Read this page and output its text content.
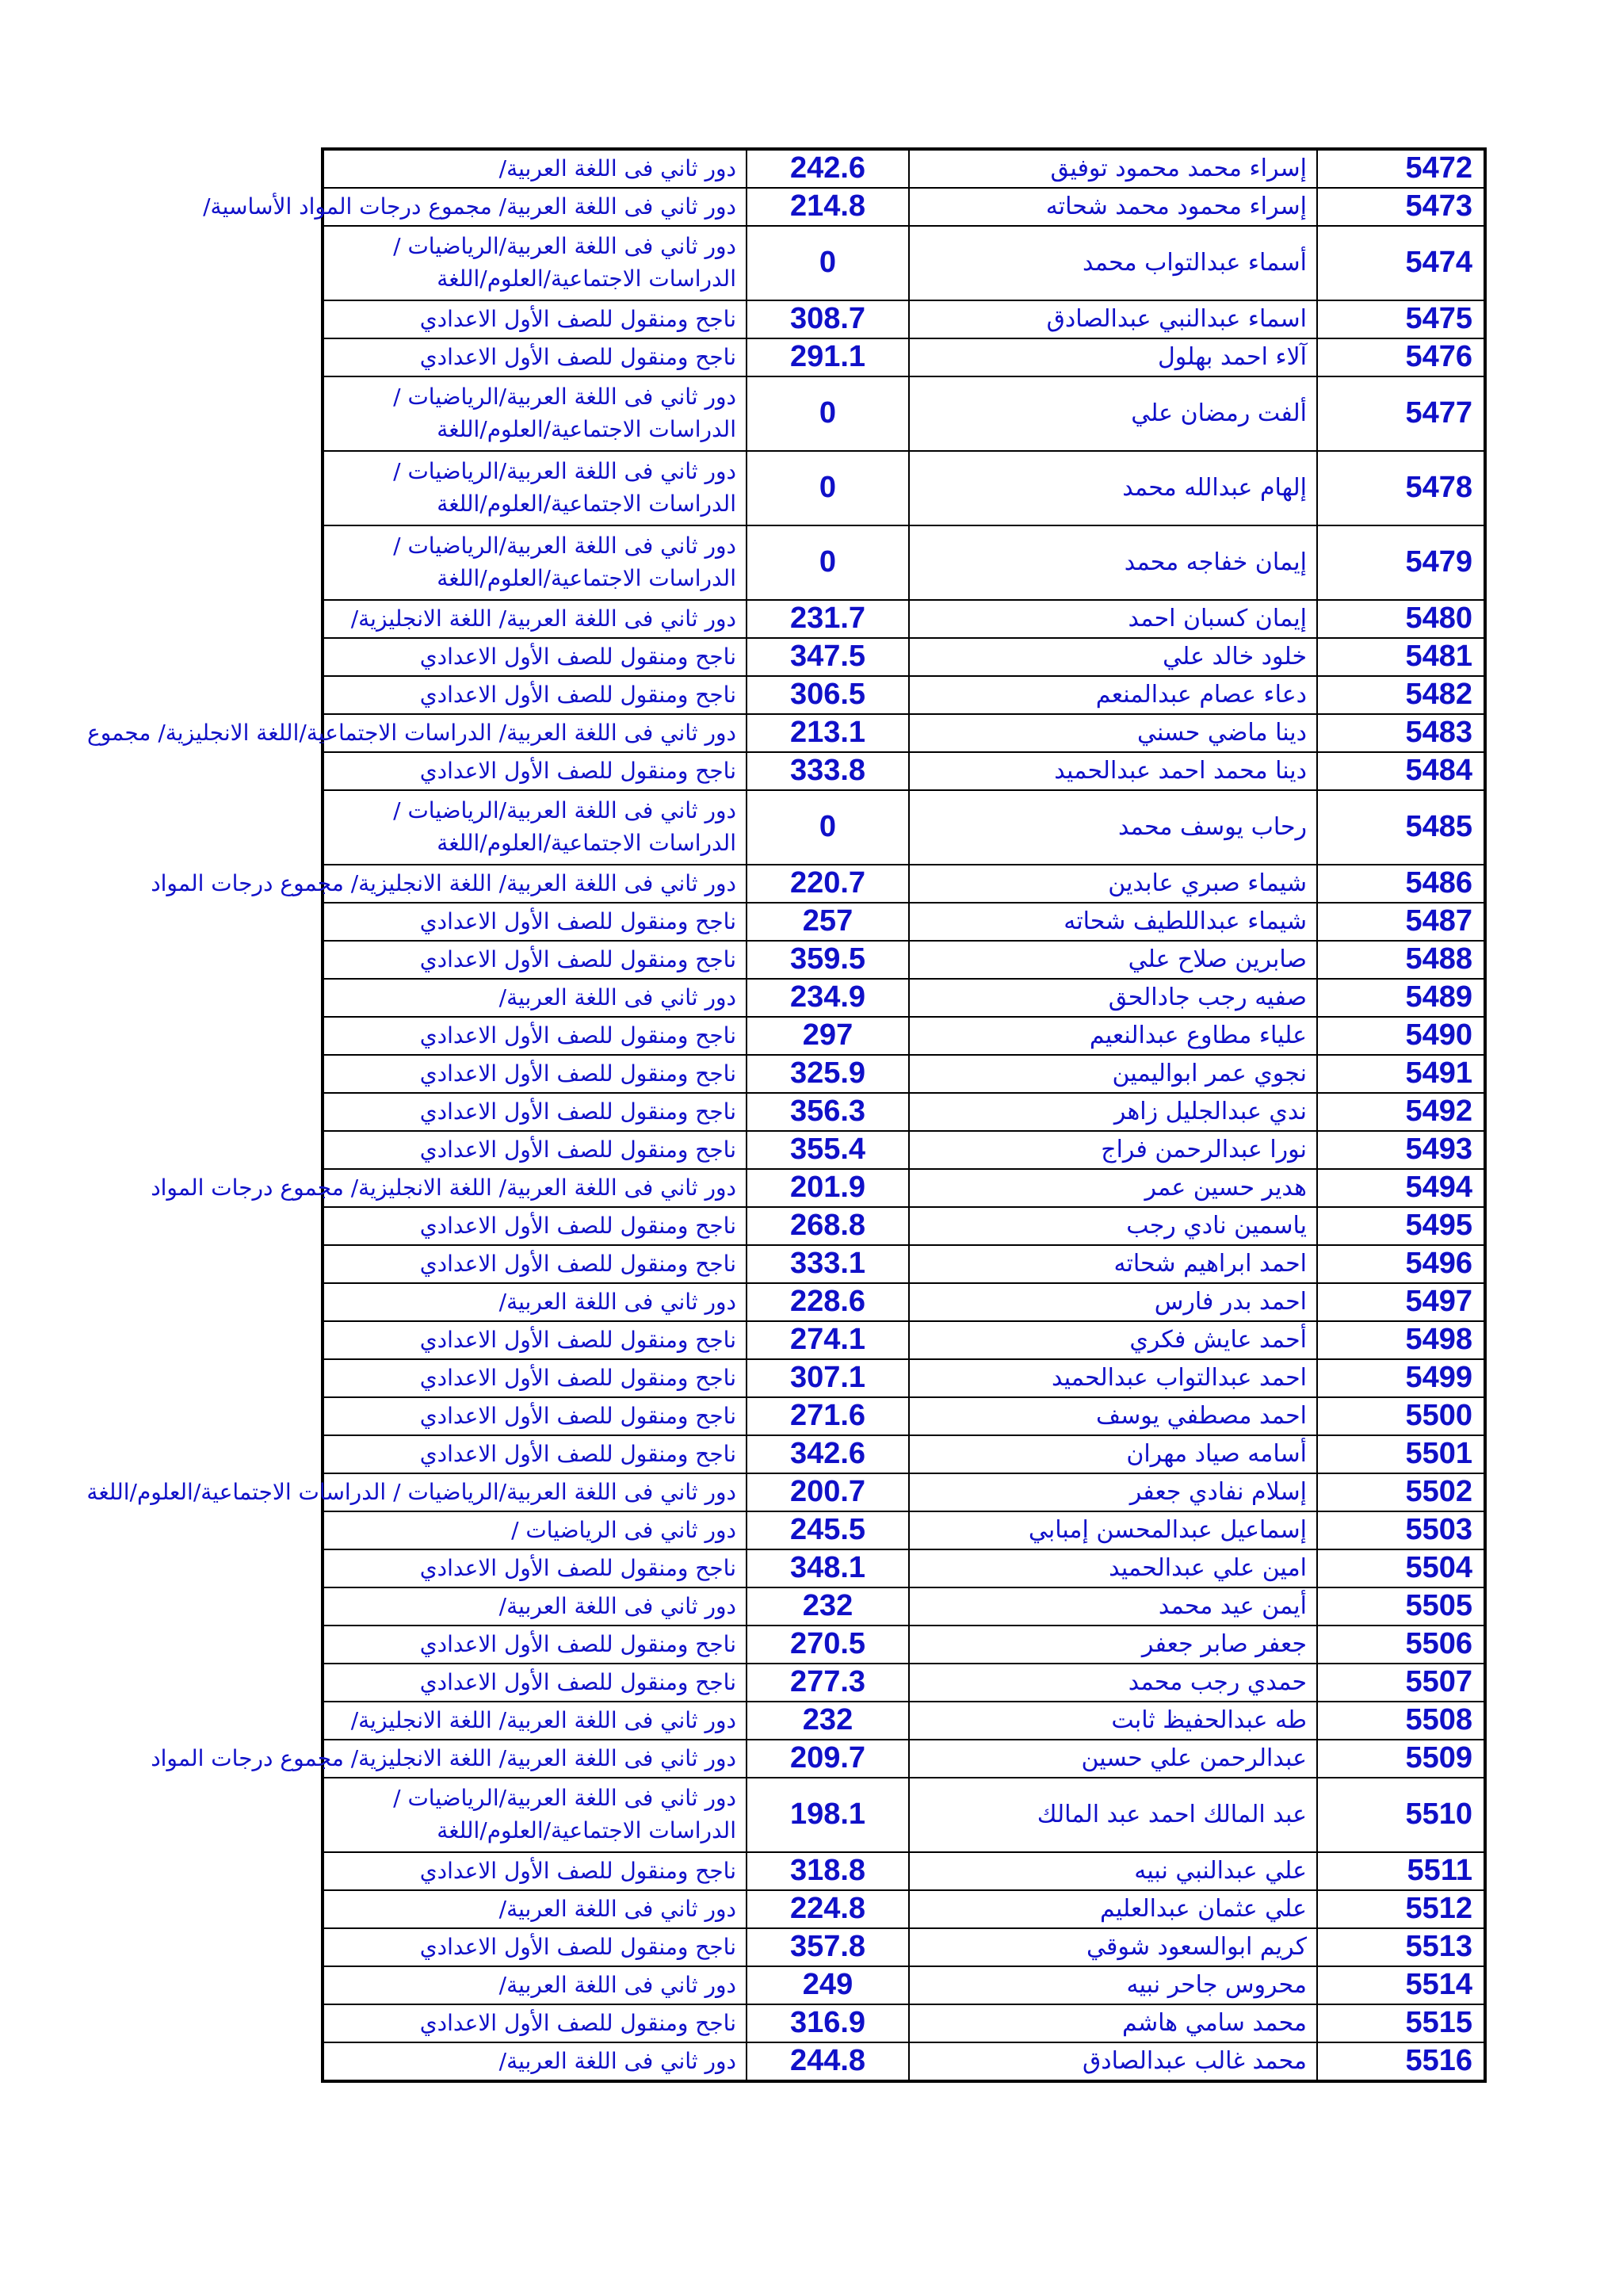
5472	إسراء محمد محمود توفيق	242.6	دور ثاني فى اللغة العربية/
5473	إسراء محمود محمد شحاته	214.8	دور ثاني فى اللغة العربية/ مجموع درجات المواد الأساسية/
5474	أسماء عبدالتواب محمد	0	دور ثاني فى اللغة العربية/الرياضيات / الدراسات الاجتماعية/العلوم/اللغة
5475	اسماء عبدالنبي عبدالصادق	308.7	ناجح ومنقول للصف الأول الاعدادي
5476	آلاء احمد بهلول	291.1	ناجح ومنقول للصف الأول الاعدادي
5477	ألفت رمضان علي	0	دور ثاني فى اللغة العربية/الرياضيات / الدراسات الاجتماعية/العلوم/اللغة
5478	إلهام عبدالله محمد	0	دور ثاني فى اللغة العربية/الرياضيات / الدراسات الاجتماعية/العلوم/اللغة
5479	إيمان خفاجه محمد	0	دور ثاني فى اللغة العربية/الرياضيات / الدراسات الاجتماعية/العلوم/اللغة
5480	إيمان كسبان احمد	231.7	دور ثاني فى اللغة العربية/ اللغة الانجليزية/
5481	خلود خالد علي	347.5	ناجح ومنقول للصف الأول الاعدادي
5482	دعاء عصام عبدالمنعم	306.5	ناجح ومنقول للصف الأول الاعدادي
5483	دينا ماضي حسني	213.1	دور ثاني فى اللغة العربية/ الدراسات الاجتماعية/اللغة الانجليزية/ مجموع
5484	دينا محمد احمد عبدالحميد	333.8	ناجح ومنقول للصف الأول الاعدادي
5485	رحاب يوسف محمد	0	دور ثاني فى اللغة العربية/الرياضيات / الدراسات الاجتماعية/العلوم/اللغة
5486	شيماء صبري عابدين	220.7	دور ثاني فى اللغة العربية/ اللغة الانجليزية/ مجموع درجات المواد
5487	شيماء عبداللطيف شحاته	257	ناجح ومنقول للصف الأول الاعدادي
5488	صابرين صلاح علي	359.5	ناجح ومنقول للصف الأول الاعدادي
5489	صفيه رجب جادالحق	234.9	دور ثاني فى اللغة العربية/
5490	علياء مطاوع عبدالنعيم	297	ناجح ومنقول للصف الأول الاعدادي
5491	نجوي عمر ابواليمين	325.9	ناجح ومنقول للصف الأول الاعدادي
5492	ندي عبدالجليل زاهر	356.3	ناجح ومنقول للصف الأول الاعدادي
5493	نورا عبدالرحمن فراج	355.4	ناجح ومنقول للصف الأول الاعدادي
5494	هدير حسين عمر	201.9	دور ثاني فى اللغة العربية/ اللغة الانجليزية/ مجموع درجات المواد
5495	ياسمين نادي رجب	268.8	ناجح ومنقول للصف الأول الاعدادي
5496	احمد ابراهيم شحاته	333.1	ناجح ومنقول للصف الأول الاعدادي
5497	احمد بدر فارس	228.6	دور ثاني فى اللغة العربية/
5498	أحمد عايش فكري	274.1	ناجح ومنقول للصف الأول الاعدادي
5499	احمد عبدالتواب عبدالحميد	307.1	ناجح ومنقول للصف الأول الاعدادي
5500	احمد مصطفي يوسف	271.6	ناجح ومنقول للصف الأول الاعدادي
5501	أسامه صياد مهران	342.6	ناجح ومنقول للصف الأول الاعدادي
5502	إسلام نفادي جعفر	200.7	دور ثاني فى اللغة العربية/الرياضيات / الدراسات الاجتماعية/العلوم/اللغة
5503	إسماعيل عبدالمحسن إمبابي	245.5	دور ثاني فى الرياضيات /
5504	امين علي عبدالحميد	348.1	ناجح ومنقول للصف الأول الاعدادي
5505	أيمن عيد محمد	232	دور ثاني فى اللغة العربية/
5506	جعفر صابر جعفر	270.5	ناجح ومنقول للصف الأول الاعدادي
5507	حمدي رجب محمد	277.3	ناجح ومنقول للصف الأول الاعدادي
5508	طه عبدالحفيظ ثابت	232	دور ثاني فى اللغة العربية/ اللغة الانجليزية/
5509	عبدالرحمن علي حسين	209.7	دور ثاني فى اللغة العربية/ اللغة الانجليزية/ مجموع درجات المواد
5510	عبد المالك احمد عبد المالك	198.1	دور ثاني فى اللغة العربية/الرياضيات / الدراسات الاجتماعية/العلوم/اللغة
5511	علي عبدالنبي نبيه	318.8	ناجح ومنقول للصف الأول الاعدادي
5512	علي عثمان عبدالعليم	224.8	دور ثاني فى اللغة العربية/
5513	كريم ابوالسعود شوقي	357.8	ناجح ومنقول للصف الأول الاعدادي
5514	محروس جاحر نبيه	249	دور ثاني فى اللغة العربية/
5515	محمد سامي هاشم	316.9	ناجح ومنقول للصف الأول الاعدادي
5516	محمد غالب عبدالصادق	244.8	دور ثاني فى اللغة العربية/
